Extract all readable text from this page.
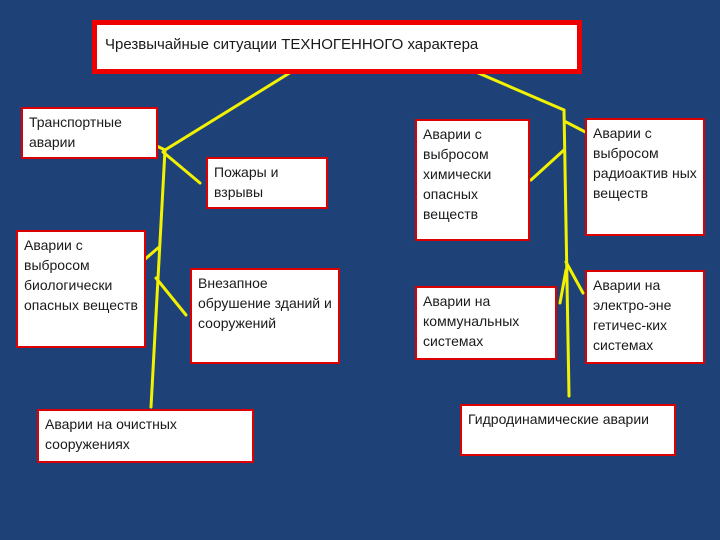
Чрезвычайные ситуации ТЕХНОГЕННОГО характера
Транспортные аварии
Пожары и взрывы
Аварии с выбросом биологически опасных веществ
Внезапное обрушение зданий и сооружений
Аварии на очистных сооружениях
Аварии с выбросом химически опасных веществ
Аварии с выбросом радиоактив ных веществ
Аварии на коммунальных системах
Аварии на электро-эне гетичес-ких системах
Гидродинамические аварии
